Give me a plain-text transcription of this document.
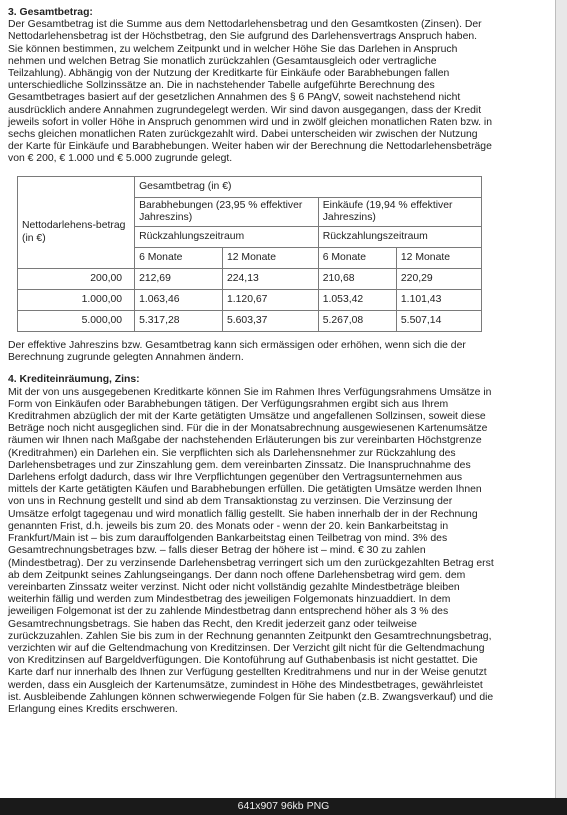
3. Gesamtbetrag:

Der Gesamtbetrag ist die Summe aus dem Nettodarlehensbetrag und den Gesamtkosten (Zinsen). Der Nettodarlehensbetrag ist der Höchstbetrag, den Sie aufgrund des Darlehensvertrags Anspruch haben. Sie können bestimmen, zu welchem Zeitpunkt und in welcher Höhe Sie das Darlehen in Anspruch nehmen und welchen Betrag Sie monatlich zurückzahlen (Gesamtausgleich oder vertragliche Teilzahlung). Abhängig von der Nutzung der Kreditkarte für Einkäufe oder Barabhebungen fallen unterschiedliche Sollzinssätze an. Die in nachstehender Tabelle aufgeführte Berechnung des Gesamtbetrages basiert auf der gesetzlichen Annahmen des § 6 PAngV, soweit nachstehend nicht ausdrücklich andere Annahmen zugrundegelegt werden. Wir sind davon ausgegangen, dass der Kredit jeweils sofort in voller Höhe in Anspruch genommen wird und in zwölf gleichen monatlichen Raten bzw. in sechs gleichen monatlichen Raten zurückgezahlt wird. Dabei unterscheiden wir zwischen der Nutzung der Karte für Einkäufe und Barabhebungen. Weiter haben wir der Berechnung die Nettodarlehensbeträge von € 200, € 1.000 und € 5.000 zugrunde gelegt.

	Gesamtbetrag (in €)			
Nettodarlehens-betrag (in €)	Barabhebungen (23,95 % effektiver Jahreszins)		Einkäufe (19,94 % effektiver Jahreszins)	
	Rückzahlungszeitraum		Rückzahlungszeitraum	
	6 Monate	12 Monate	6 Monate	12 Monate
200,00	212,69	224,13	210,68	220,29
1.000,00	1.063,46	1.120,67	1.053,42	1.101,43
5.000,00	5.317,28	5.603,37	5.267,08	5.507,14

Der effektive Jahreszins bzw. Gesamtbetrag kann sich ermässigen oder erhöhen, wenn sich die der Berechnung zugrunde gelegten Annahmen ändern.

4. Krediteinräumung, Zins:

Mit der von uns ausgegebenen Kreditkarte können Sie im Rahmen Ihres Verfügungsrahmens Umsätze in Form von Einkäufen oder Barabhebungen tätigen. Der Verfügungsrahmen ergibt sich aus Ihrem Kreditrahmen abzüglich der mit der Karte getätigten Umsätze und angefallenen Sollzinsen, soweit diese Beträge noch nicht ausgeglichen sind. Für die in der Monatsabrechnung ausgewiesenen Kartenumsätze räumen wir Ihnen nach Maßgabe der nachstehenden Erläuterungen bis zur vereinbarten Höchstgrenze (Kreditrahmen) ein Darlehen ein. Sie verpflichten sich als Darlehensnehmer zur Rückzahlung des Darlehensbetrages und zur Zinszahlung gem. dem vereinbarten Zinssatz. Die Inanspruchnahme des Darlehens erfolgt dadurch, dass wir Ihre Verpflichtungen gegenüber den Vertragsunternehmen aus mittels der Karte getätigten Käufen und Barabhebungen erfüllen. Die getätigten Umsätze werden Ihnen von uns in Rechnung gestellt und sind ab dem Transaktionstag zu verzinsen. Die Verzinsung der Umsätze erfolgt tagegenau und wird monatlich fällig gestellt. Sie haben innerhalb der in der Rechnung genannten Frist, d.h. jeweils bis zum 20. des Monats oder - wenn der 20. kein Bankarbeitstag in Frankfurt/Main ist – bis zum darauffolgenden Bankarbeitstag einen Teilbetrag von mind. 3% des Gesamtrechnungsbetrages bzw. – falls dieser Betrag der höhere ist – mind. € 30 zu zahlen (Mindestbetrag). Der zu verzinsende Darlehensbetrag verringert sich um den zurückgezahlten Betrag erst ab dem Zeitpunkt seines Zahlungseingangs. Der dann noch offene Darlehensbetrag wird gem. dem vereinbarten Zinssatz weiter verzinst. Nicht oder nicht vollständig gezahlte Mindestbeträge bleiben weiterhin fällig und werden zum Mindestbetrag des jeweiligen Folgemonats hinzuaddiert. In dem jeweiligen Folgemonat ist der zu zahlende Mindestbetrag dann entsprechend höher als 3 % des Gesamtrechnungsbetrags. Sie haben das Recht, den Kredit jederzeit ganz oder teilweise zurückzuzahlen. Zahlen Sie bis zum in der Rechnung genannten Zeitpunkt den Gesamtrechnungsbetrag, verzichten wir auf die Geltendmachung von Kreditzinsen. Der Verzicht gilt nicht für die Geltendmachung von Kreditzinsen auf Bargeldverfügungen. Die Kontoführung auf Guthabenbasis ist nicht gestattet. Die Karte darf nur innerhalb des Ihnen zur Verfügung gestellten Kreditrahmens und nur in der Weise genutzt werden, dass ein Ausgleich der Kartenumsätze, zumindest in Höhe des Mindestbetrages, gewährleistet ist. Ausbleibende Zahlungen können schwerwiegende Folgen für Sie haben (z.B. Zwangsverkauf) und die Erlangung eines Kredits erschweren.

641x907 96kb PNG
